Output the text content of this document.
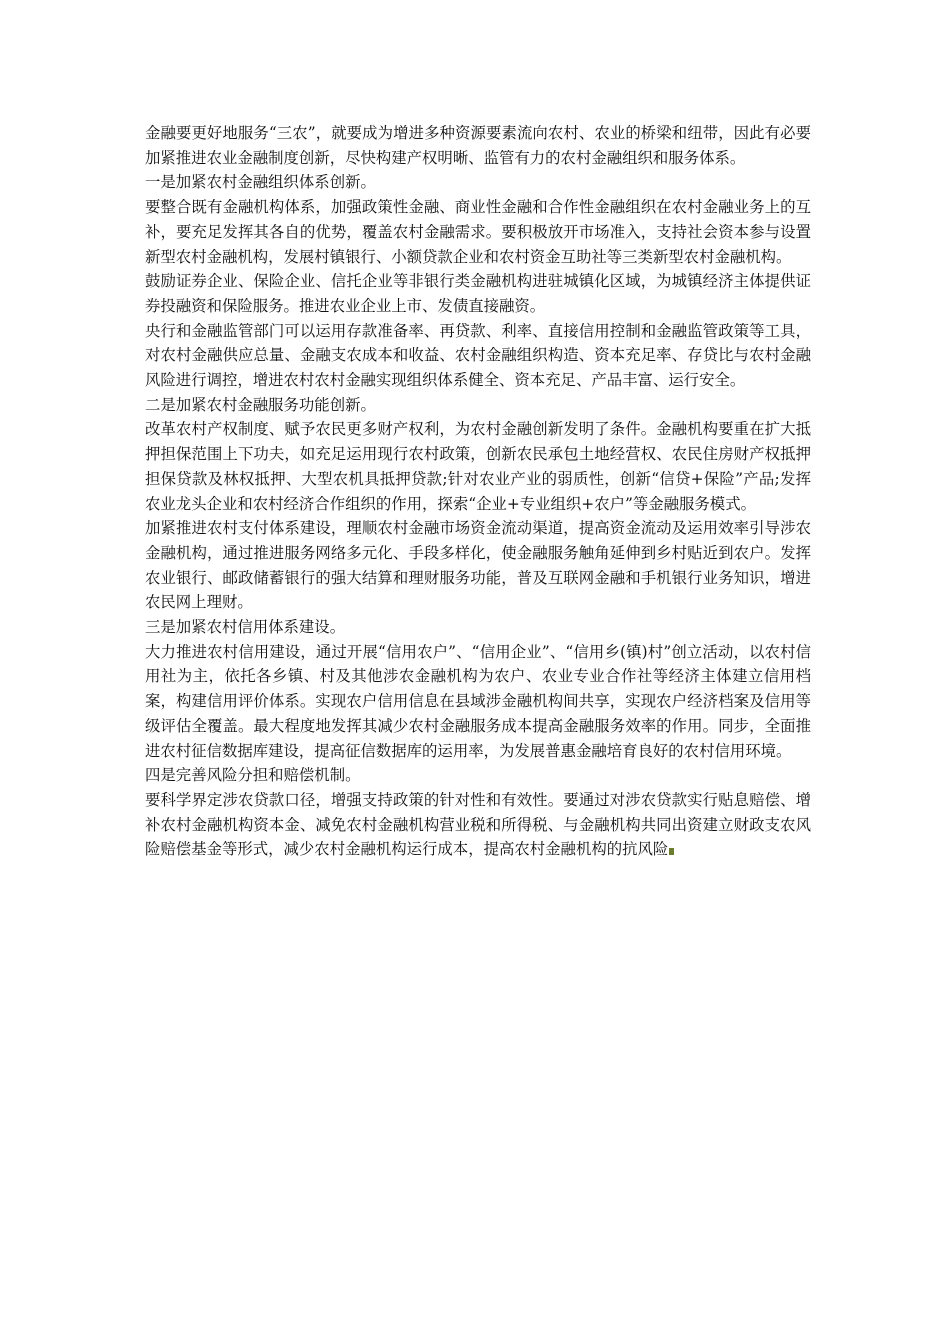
金融要更好地服务“三农”，就要成为增进多种资源要素流向农村、农业的桥梁和纽带，因此有必要加紧推进农业金融制度创新，尽快构建产权明晰、监管有力的农村金融组织和服务体系。

一是加紧农村金融组织体系创新。

要整合既有金融机构体系，加强政策性金融、商业性金融和合作性金融组织在农村金融业务上的互补，要充足发挥其各自的优势，覆盖农村金融需求。要积极放开市场准入，支持社会资本参与设置新型农村金融机构，发展村镇银行、小额贷款企业和农村资金互助社等三类新型农村金融机构。

鼓励证券企业、保险企业、信托企业等非银行类金融机构进驻城镇化区域，为城镇经济主体提供证券投融资和保险服务。推进农业企业上市、发债直接融资。

央行和金融监管部门可以运用存款准备率、再贷款、利率、直接信用控制和金融监管政策等工具，对农村金融供应总量、金融支农成本和收益、农村金融组织构造、资本充足率、存贷比与农村金融风险进行调控，增进农村农村金融实现组织体系健全、资本充足、产品丰富、运行安全。

二是加紧农村金融服务功能创新。

改革农村产权制度、赋予农民更多财产权利，为农村金融创新发明了条件。金融机构要重在扩大抵押担保范围上下功夫，如充足运用现行农村政策，创新农民承包土地经营权、农民住房财产权抵押担保贷款及林权抵押、大型农机具抵押贷款;针对农业产业的弱质性，创新“信贷+保险”产品;发挥农业龙头企业和农村经济合作组织的作用，探索“企业+专业组织+农户”等金融服务模式。

加紧推进农村支付体系建设，理顺农村金融市场资金流动渠道，提高资金流动及运用效率引导涉农金融机构，通过推进服务网络多元化、手段多样化，使金融服务触角延伸到乡村贴近到农户。发挥农业银行、邮政储蓄银行的强大结算和理财服务功能，普及互联网金融和手机银行业务知识，增进农民网上理财。

三是加紧农村信用体系建设。

大力推进农村信用建设，通过开展“信用农户”、“信用企业”、“信用乡(镇)村”创立活动，以农村信用社为主，依托各乡镇、村及其他涉农金融机构为农户、农业专业合作社等经济主体建立信用档案，构建信用评价体系。实现农户信用信息在县域涉金融机构间共享，实现农户经济档案及信用等级评估全覆盖。最大程度地发挥其减少农村金融服务成本提高金融服务效率的作用。同步，全面推进农村征信数据库建设，提高征信数据库的运用率，为发展普惠金融培育良好的农村信用环境。

四是完善风险分担和赔偿机制。

要科学界定涉农贷款口径，增强支持政策的针对性和有效性。要通过对涉农贷款实行贴息赔偿、增补农村金融机构资本金、减免农村金融机构营业税和所得税、与金融机构共同出资建立财政支农风险赔偿基金等形式，减少农村金融机构运行成本，提高农村金融机构的抗风险
